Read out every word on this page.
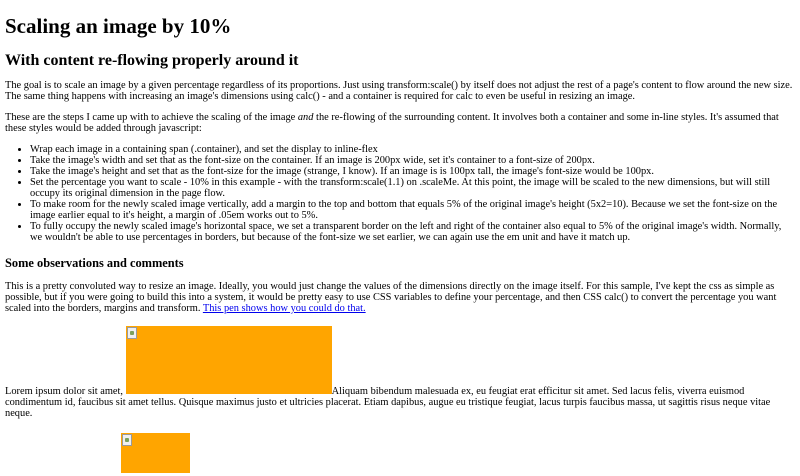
Scaling an image by 10%
With content re-flowing properly around it

The goal is to scale an image by a given percentage regardless of its proportions. Just using transform:scale() by itself does not adjust the rest of a page's content to flow around the new size. The same thing happens with increasing an image's dimensions using calc() - and a container is required for calc to even be useful in resizing an image.

These are the steps I came up with to achieve the scaling of the image and the re-flowing of the surrounding content. It involves both a container and some in-line styles. It's assumed that these styles would be added through javascript:

• Wrap each image in a containing span (.container), and set the display to inline-flex
• Take the image's width and set that as the font-size on the container. If an image is 200px wide, set it's container to a font-size of 200px.
• Take the image's height and set that as the font-size for the image (strange, I know). If an image is is 100px tall, the image's font-size would be 100px.
• Set the percentage you want to scale - 10% in this example - with the transform:scale(1.1) on .scaleMe. At this point, the image will be scaled to the new dimensions, but will still occupy its original dimension in the page flow.
• To make room for the newly scaled image vertically, add a margin to the top and bottom that equals 5% of the original image's height (5x2=10). Because we set the font-size on the image earlier equal to it's height, a margin of .05em works out to 5%.
• To fully occupy the newly scaled image's horizontal space, we set a transparent border on the left and right of the container also equal to 5% of the original image's width. Normally, we wouldn't be able to use percentages in borders, but because of the font-size we set earlier, we can again use the em unit and have it match up.
Some observations and comments

This is a pretty convoluted way to resize an image. Ideally, you would just change the values of the dimensions directly on the image itself. For this sample, I've kept the css as simple as possible, but if you were going to build this into a system, it would be pretty easy to use CSS variables to define your percentage, and then CSS calc() to convert the percentage you want scaled into the borders, margins and transform. This pen shows how you could do that.

Lorem ipsum dolor sit amet,	Aliquam bibendum malesuada ex, eu feugiat erat efficitur sit amet. Sed lacus felis, viverra euismod condimentum id, faucibus sit amet tellus. Quisque maximus justo et ultricies placerat. Etiam dapibus, augue eu tristique feugiat, lacus turpis faucibus massa, ut sagittis risus neque vitae neque.
